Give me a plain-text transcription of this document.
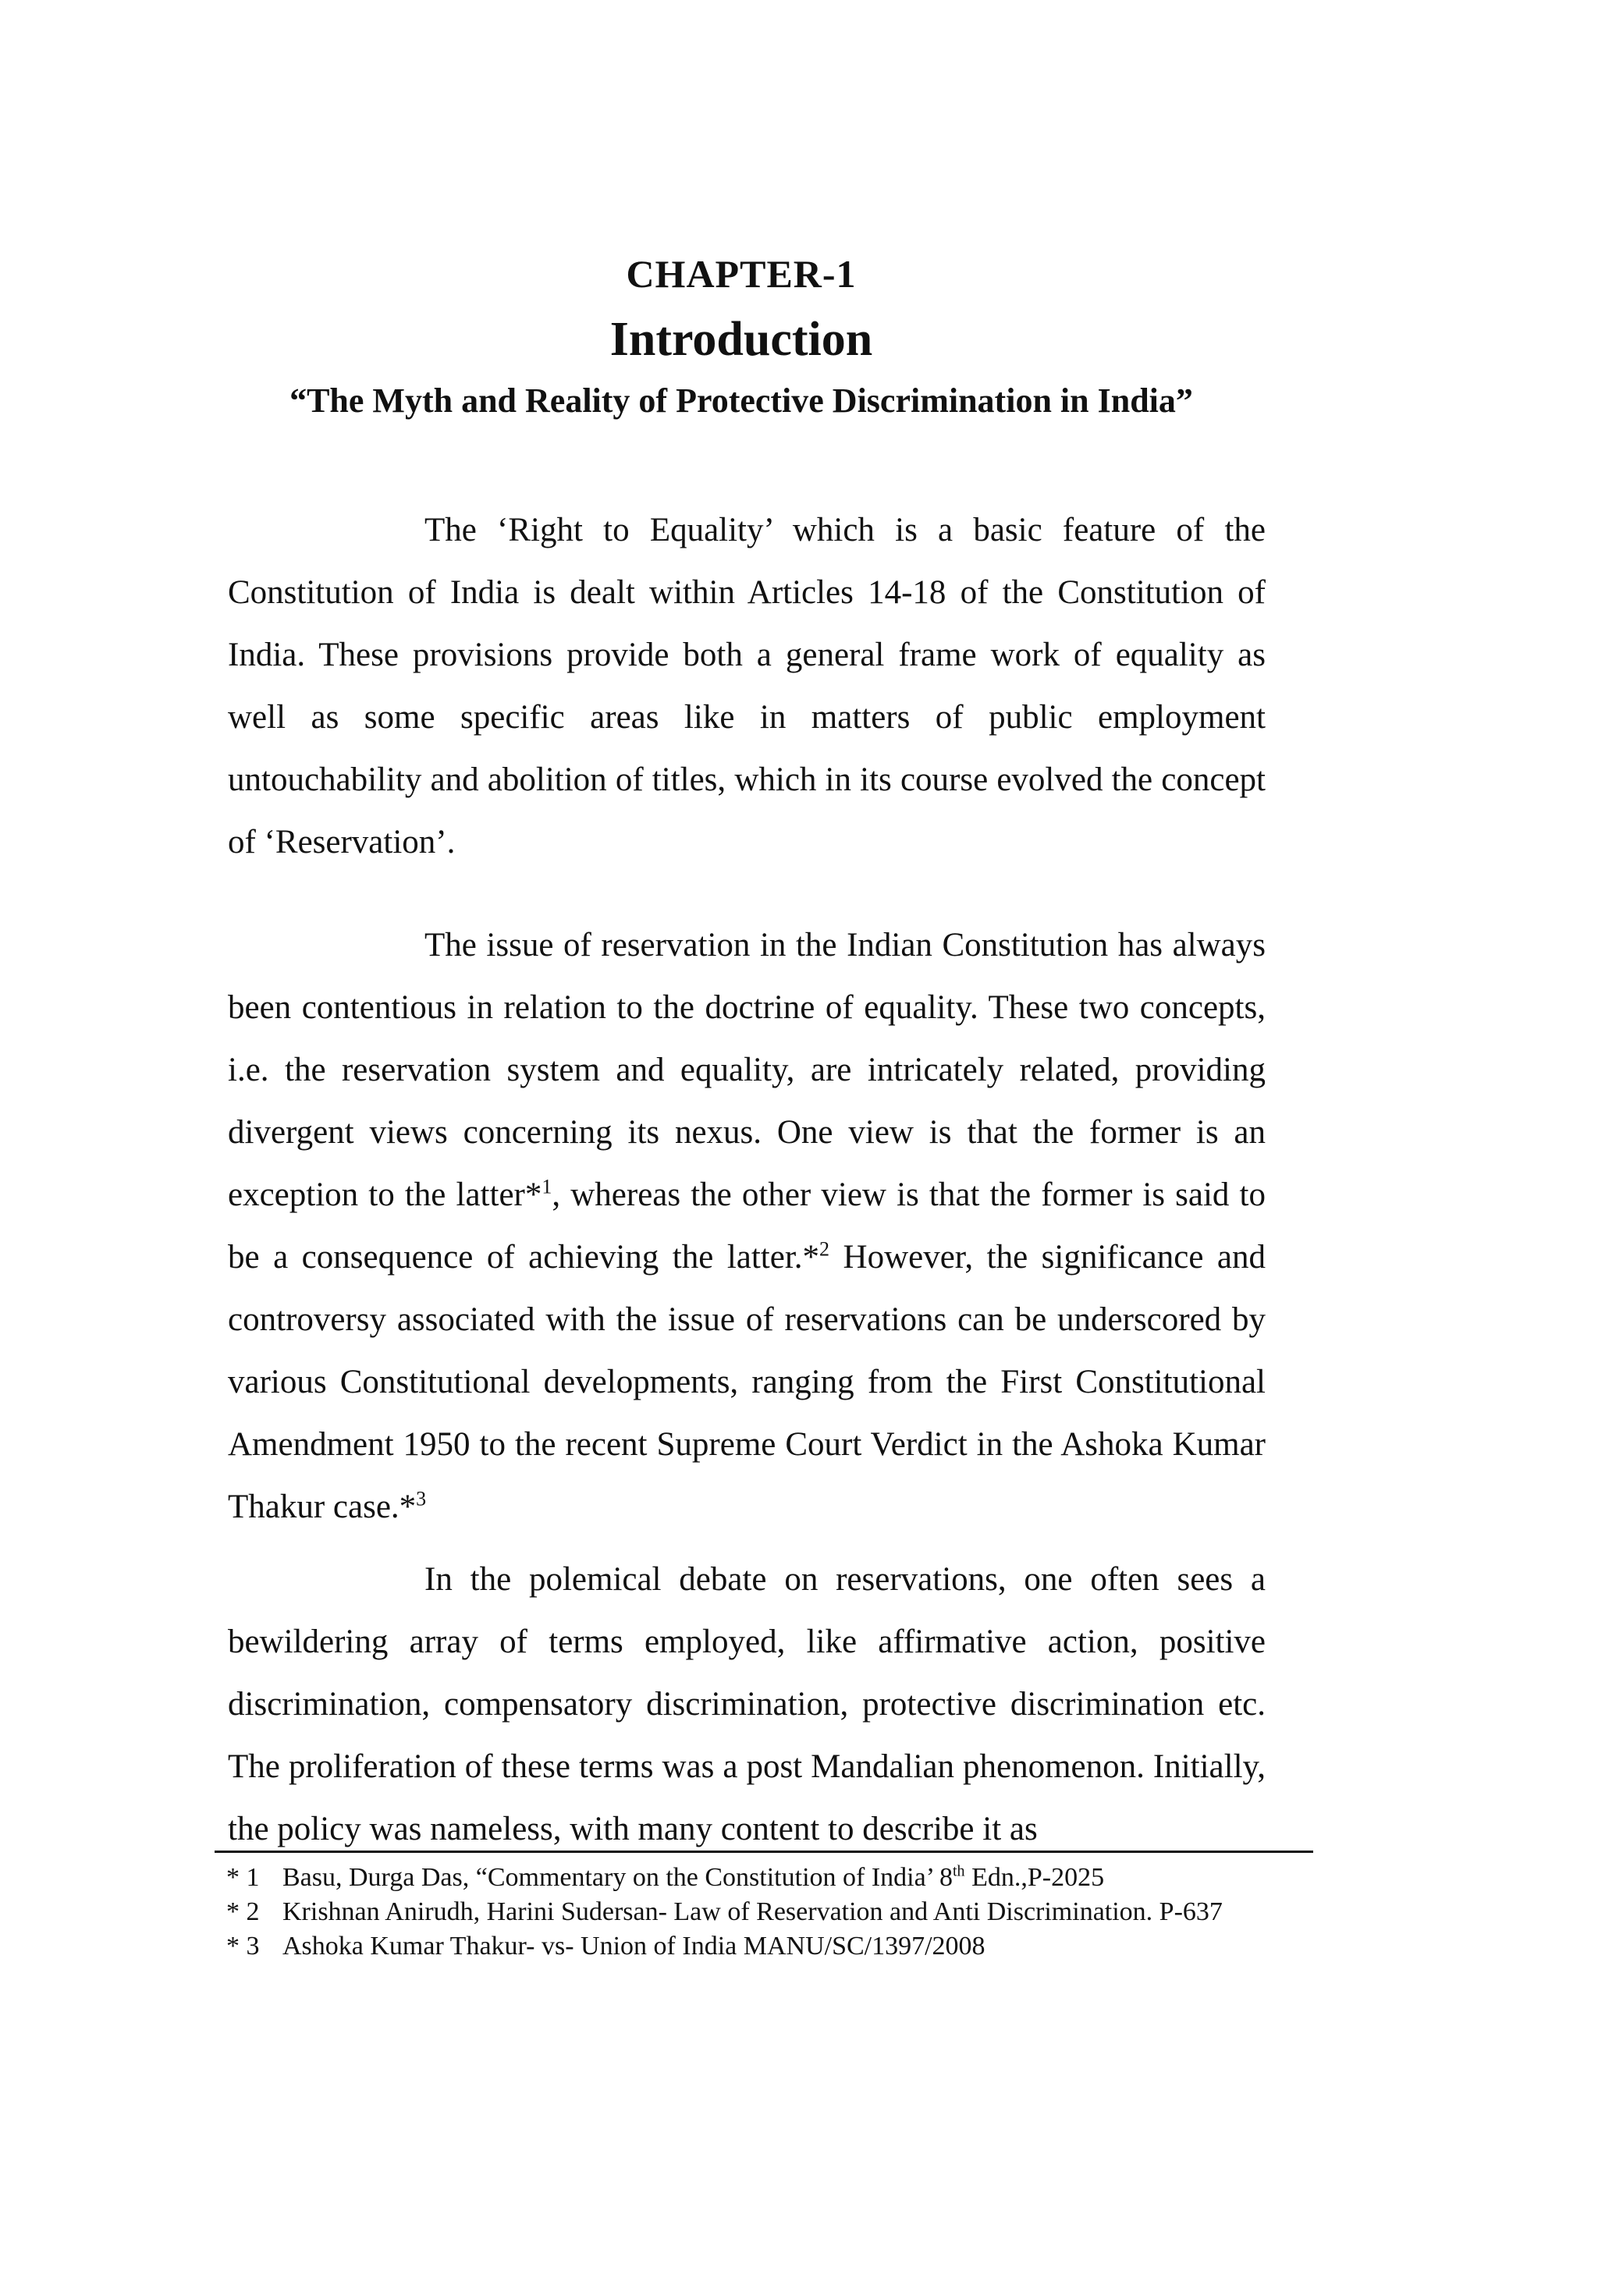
CHAPTER-1
Introduction
“The Myth and Reality of Protective Discrimination in India”

The ‘Right to Equality’ which is a basic feature of the Constitution of India is dealt within Articles 14-18 of the Constitution of India. These provisions provide both a general frame work of equality as well as some specific areas like in matters of public employment untouchability and abolition of titles, which in its course evolved the concept of ‘Reservation’.

The issue of reservation in the Indian Constitution has always been contentious in relation to the doctrine of equality. These two concepts, i.e. the reservation system and equality, are intricately related, providing divergent views concerning its nexus. One view is that the former is an exception to the latter*$^1$, whereas the other view is that the former is said to be a consequence of achieving the latter.*$^2$ However, the significance and controversy associated with the issue of reservations can be underscored by various Constitutional developments, ranging from the First Constitutional Amendment 1950 to the recent Supreme Court Verdict in the Ashoka Kumar Thakur case.*$^3$

In the polemical debate on reservations, one often sees a bewildering array of terms employed, like affirmative action, positive discrimination, compensatory discrimination, protective discrimination etc. The proliferation of these terms was a post Mandalian phenomenon. Initially, the policy was nameless, with many content to describe it as

* 1 Basu, Durga Das, “Commentary on the Constitution of India’ 8th Edn.,P-2025
* 2 Krishnan Anirudh, Harini Sudersan- Law of Reservation and Anti Discrimination. P-637
* 3 Ashoka Kumar Thakur- vs- Union of India MANU/SC/1397/2008
